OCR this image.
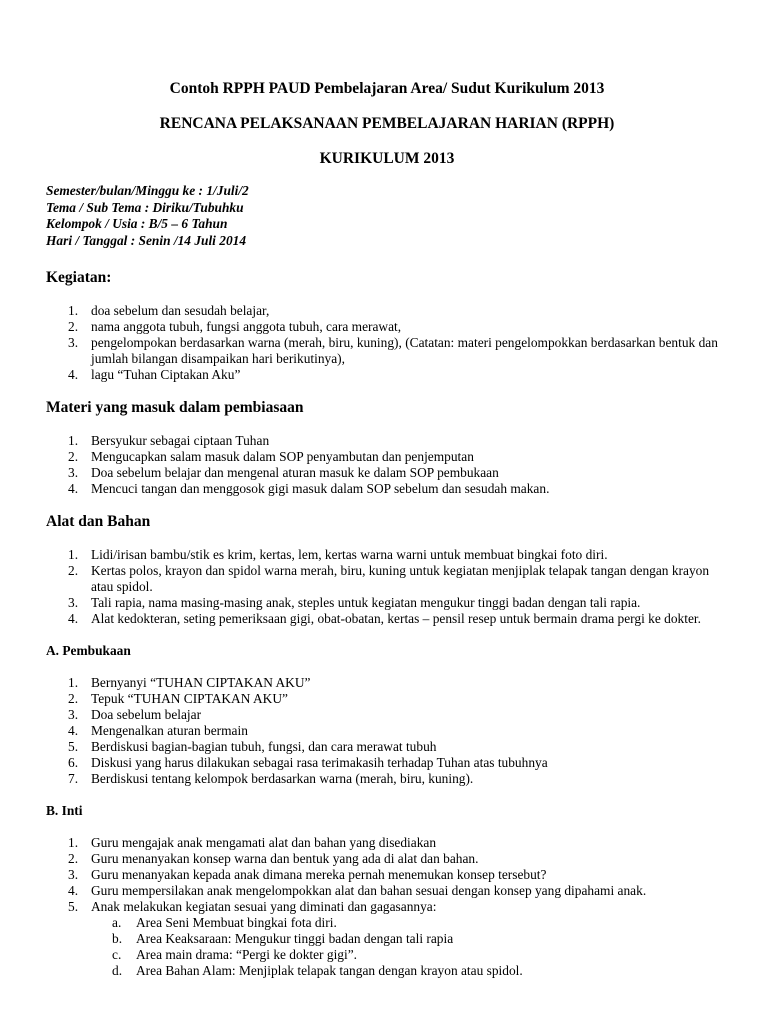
Contoh RPPH PAUD Pembelajaran Area/ Sudut Kurikulum 2013

RENCANA PELAKSANAAN PEMBELAJARAN HARIAN (RPPH)

KURIKULUM 2013

Semester/bulan/Minggu ke : 1/Juli/2
Tema / Sub Tema : Diriku/Tubuhku
Kelompok / Usia : B/5 – 6 Tahun
Hari / Tanggal : Senin /14 Juli 2014
Kegiatan:
1. doa sebelum dan sesudah belajar,
2. nama anggota tubuh, fungsi anggota tubuh, cara merawat,
3. pengelompokan berdasarkan warna (merah, biru, kuning), (Catatan: materi pengelompokkan berdasarkan bentuk dan jumlah bilangan disampaikan hari berikutinya),
4. lagu “Tuhan Ciptakan Aku”
Materi yang masuk dalam pembiasaan
1. Bersyukur sebagai ciptaan Tuhan
2. Mengucapkan salam masuk dalam SOP penyambutan dan penjemputan
3. Doa sebelum belajar dan mengenal aturan masuk ke dalam SOP pembukaan
4. Mencuci tangan dan menggosok gigi masuk dalam SOP sebelum dan sesudah makan.
Alat dan Bahan
1. Lidi/irisan bambu/stik es krim, kertas, lem, kertas warna warni untuk membuat bingkai foto diri.
2. Kertas polos, krayon dan spidol warna merah, biru, kuning untuk kegiatan menjiplak telapak tangan dengan krayon atau spidol.
3. Tali rapia, nama masing-masing anak, steples untuk kegiatan mengukur tinggi badan dengan tali rapia.
4. Alat kedokteran, seting pemeriksaan gigi, obat-obatan, kertas – pensil resep untuk bermain drama pergi ke dokter.
A. Pembukaan
1. Bernyanyi “TUHAN CIPTAKAN AKU”
2. Tepuk “TUHAN CIPTAKAN AKU”
3. Doa sebelum belajar
4. Mengenalkan aturan bermain
5. Berdiskusi bagian-bagian tubuh, fungsi, dan cara merawat tubuh
6. Diskusi yang harus dilakukan sebagai rasa terimakasih terhadap Tuhan atas tubuhnya
7. Berdiskusi tentang kelompok berdasarkan warna (merah, biru, kuning).
B. Inti
1. Guru mengajak anak mengamati alat dan bahan yang disediakan
2. Guru menanyakan konsep warna dan bentuk yang ada di alat dan bahan.
3. Guru menanyakan kepada anak dimana mereka pernah menemukan konsep tersebut?
4. Guru mempersilakan anak mengelompokkan alat dan bahan sesuai dengan konsep yang dipahami anak.
5. Anak melakukan kegiatan sesuai yang diminati dan gagasannya:
a.	Area Seni Membuat bingkai fota diri.
b.	Area Keaksaraan: Mengukur tinggi badan dengan tali rapia
c.	Area main drama: “Pergi ke dokter gigi”.
d.	Area Bahan Alam: Menjiplak telapak tangan dengan krayon atau spidol.
